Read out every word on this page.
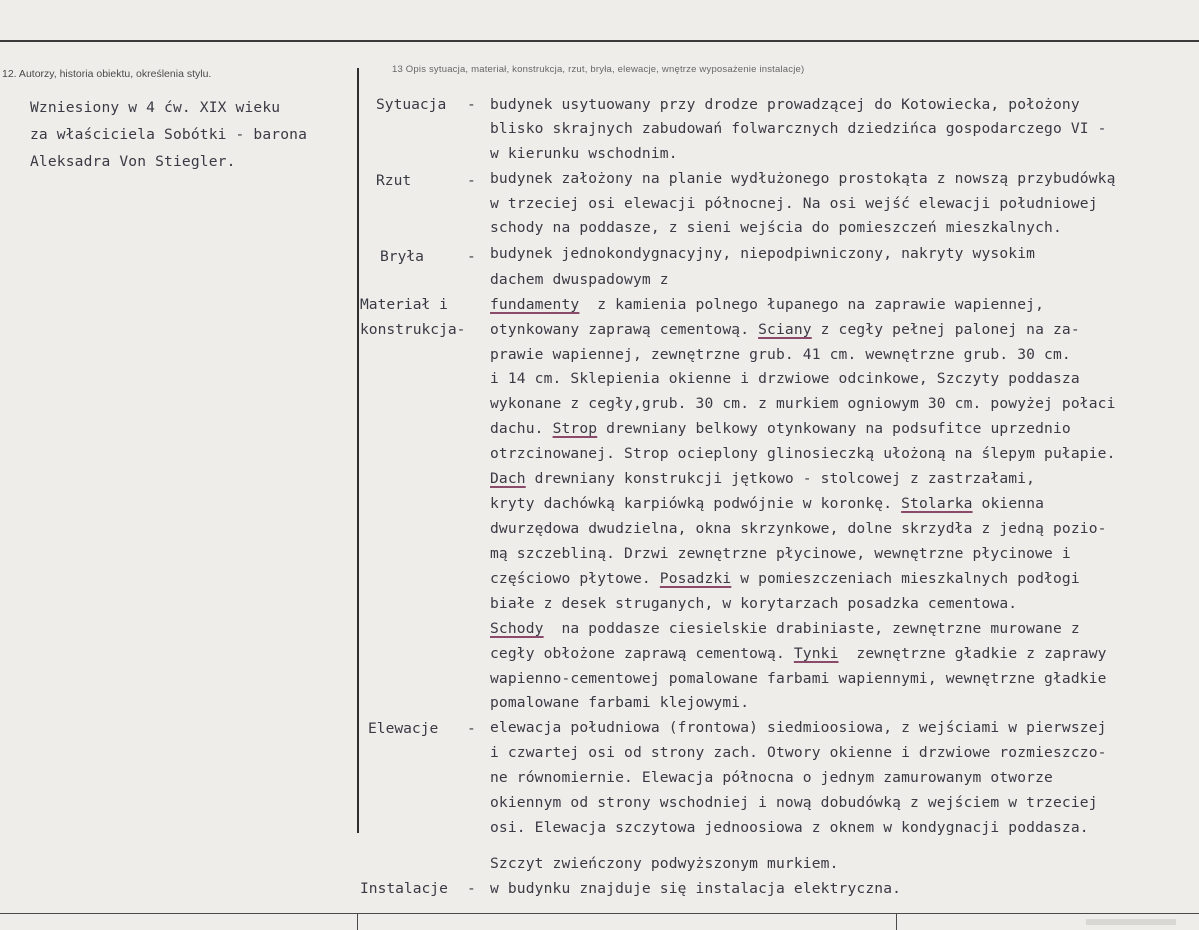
12. Autorzy, historia obiektu, określenia stylu.
Wzniesiony w 4 ćw. XIX wieku
za właściciela Sobótki - barona
Aleksadra Von Stiegler.
13 Opis sytuacja, materiał, konstrukcja, rzut, bryła, elewacje, wnętrze wyposażenie instalacje)
Sytuacja - budynek usytuowany przy drodze prowadzącej do Kotowiecka, położony
blisko skrajnych zabudowań folwarcznych dziedzińca gospodarczego VI -
w kierunku wschodnim.
Rzut	- budynek założony na planie wydłużonego prostokąta z nowszą przybudówką
w trzeciej osi elewacji północnej. Na osi wejść elewacji południowej
schody na poddasze, z sieni wejścia do pomieszczeń mieszkalnych.
Bryła	- budynek jednokondygnacyjny, niepodpiwniczony, nakryty wysokim
dachem dwuspadowym z
Materiał i
konstrukcja-
fundamenty  z kamienia polnego łupanego na zaprawie wapiennej,
otynkowany zaprawą cementową. Sciany z cegły pełnej palonej na za-
prawie wapiennej, zewnętrzne grub. 41 cm. wewnętrzne grub. 30 cm.
i 14 cm. Sklepienia okienne i drzwiowe odcinkowe, Szczyty poddasza
wykonane z cegły,grub. 30 cm. z murkiem ogniowym 30 cm. powyżej połaci
dachu. Strop drewniany belkowy otynkowany na podsufitce uprzednio
otrzcinowanej. Strop ocieplony glinosieczką ułożoną na ślepym pułapie.
Dach drewniany konstrukcji jętkowo - stolcowej z zastrzałami,
kryty dachówką karpiówką podwójnie w koronkę. Stolarka okienna
dwurzędowa dwudzielna, okna skrzynkowe, dolne skrzydła z jedną pozio-
mą szczebliną. Drzwi zewnętrzne płycinowe, wewnętrzne płycinowe i
częściowo płytowe. Posadzki w pomieszczeniach mieszkalnych podłogi
białe z desek struganych, w korytarzach posadzka cementowa.
Schody  na poddasze ciesielskie drabiniaste, zewnętrzne murowane z
cegły obłożone zaprawą cementową. Tynki  zewnętrzne gładkie z zaprawy
wapienno-cementowej pomalowane farbami wapiennymi, wewnętrzne gładkie
pomalowane farbami klejowymi.
Elewacje - elewacja południowa (frontowa) siedmioosiowa, z wejściami w pierwszej
i czwartej osi od strony zach. Otwory okienne i drzwiowe rozmieszczo-
ne równomiernie. Elewacja północna o jednym zamurowanym otworze
okiennym od strony wschodniej i nową dobudówką z wejściem w trzeciej
osi. Elewacja szczytowa jednoosiowa z oknem w kondygnacji poddasza.
Szczyt zwieńczony podwyższonym murkiem.
Instalacje - w budynku znajduje się instalacja elektryczna.
